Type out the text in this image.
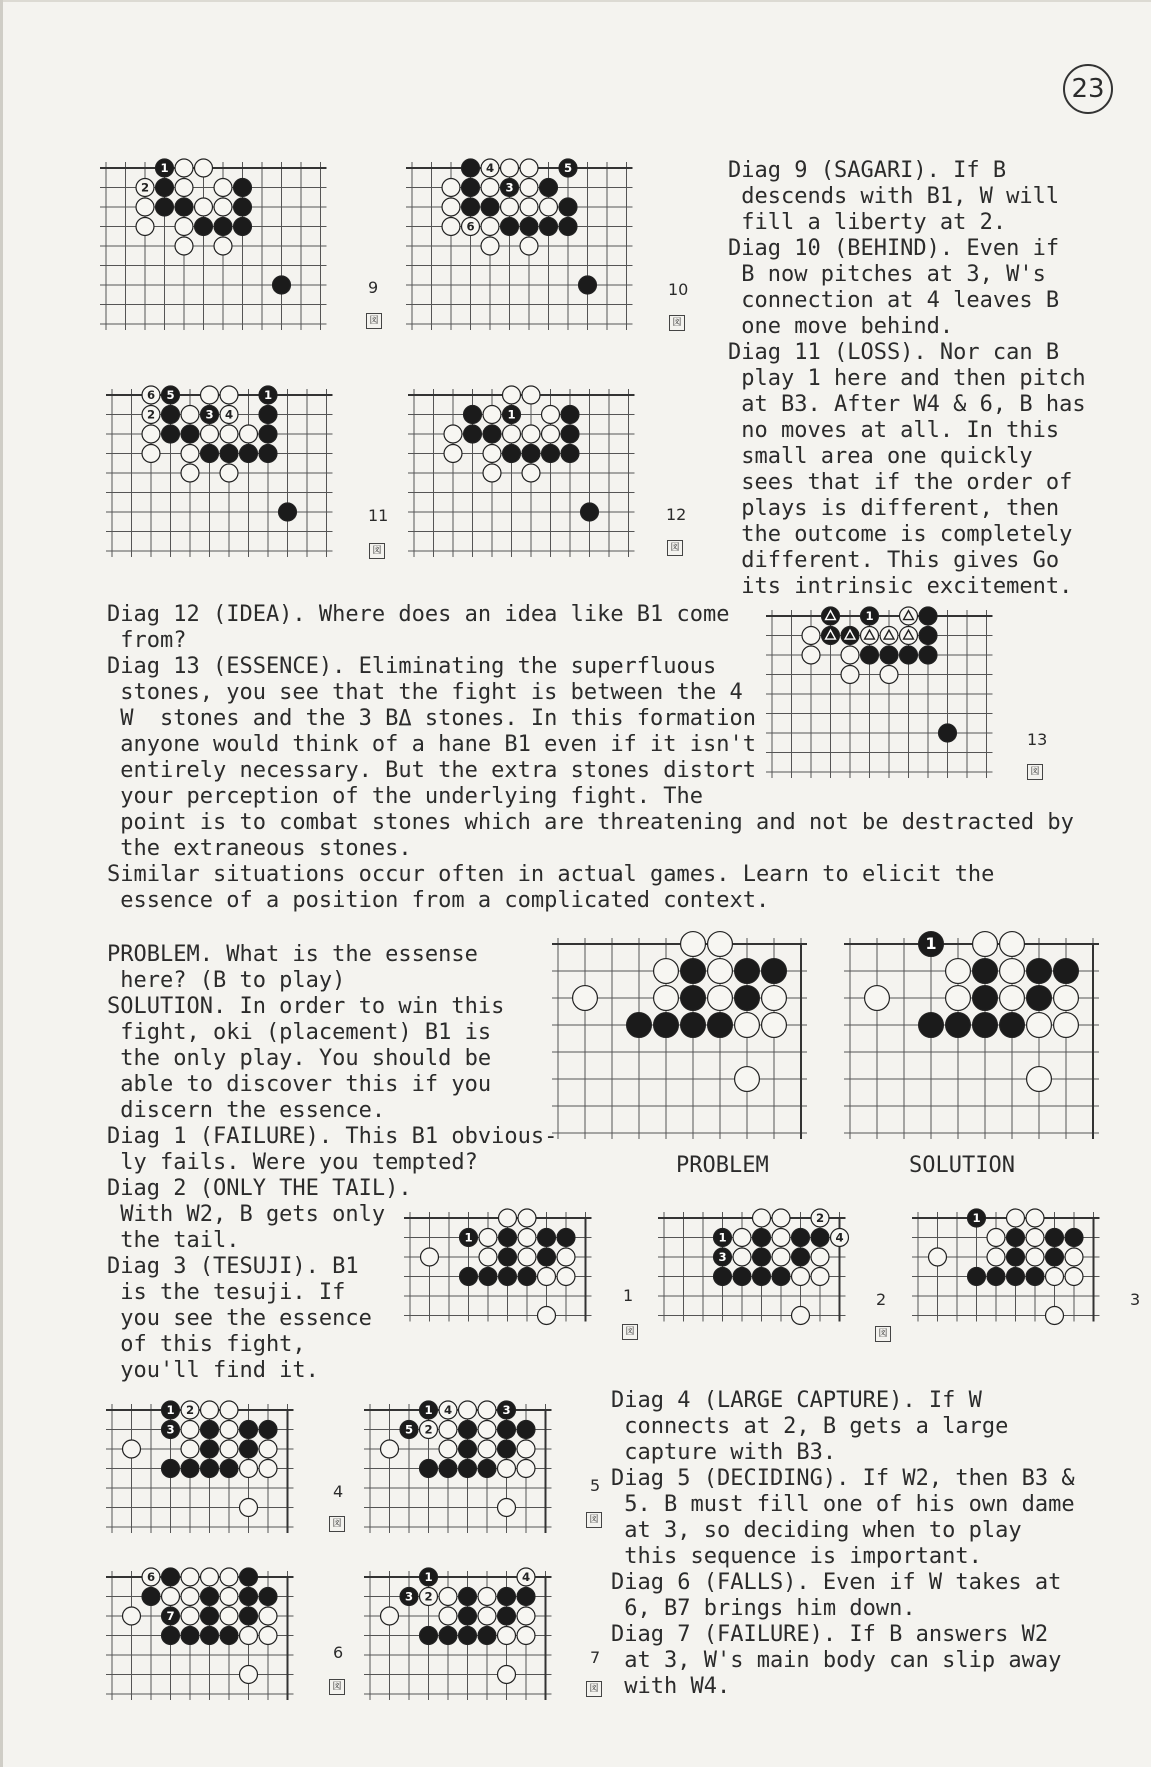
23

Diag 9 (SAGARI). If B

descends with B1, W will

fill a liberty at 2.

Diag 10 (BEHIND). Even if

B now pitches at 3, W's

connection at 4 leaves B

one move behind.

Diag 11 (LOSS). Nor can B

play 1 here and then pitch

at B3. After W4 & 6, B has

no moves at all. In this

small area one quickly

sees that if the order of

plays is different, then

the outcome is completely

different. This gives Go

its intrinsic excitement.

Diag 12 (IDEA). Where does an idea like B1 come

from?

Diag 13 (ESSENCE). Eliminating the superfluous

stones, you see that the fight is between the 4

W  stones and the 3 BΔ stones. In this formation

anyone would think of a hane B1 even if it isn't

entirely necessary. But the extra stones distort

your perception of the underlying fight. The

point is to combat stones which are threatening and not be destracted by

the extraneous stones.

Similar situations occur often in actual games. Learn to elicit the

essence of a position from a complicated context.

PROBLEM. What is the essense

here? (B to play)

SOLUTION. In order to win this

fight, oki (placement) B1 is

the only play. You should be

able to discover this if you

discern the essence.

Diag 1 (FAILURE). This B1 obvious-

ly fails. Were you tempted?

Diag 2 (ONLY THE TAIL).

With W2, B gets only

the tail.

Diag 3 (TESUJI). B1

is the tesuji. If

you see the essence

of this fight,

you'll find it.

Diag 4 (LARGE CAPTURE). If W

connects at 2, B gets a large

capture with B3.

Diag 5 (DECIDING). If W2, then B3 &

5. B must fill one of his own dame

at 3, so deciding when to play

this sequence is important.

Diag 6 (FALLS). Even if W takes at

6, B7 brings him down.

Diag 7 (FAILURE). If B answers W2

at 3, W's main body can slip away

with W4.

PROBLEM	SOLUTION
9	10
11	12
13
1	2	3
4	5
6	7
図	図
図	図
図
図	図
図	図
図	図
1
2
4	5
3
6
6 5	1
2	3 4	1
1
1
1
2
1	4
3
1
1 2
3
1 4	3
5 2
6
7
1	4
3 2
